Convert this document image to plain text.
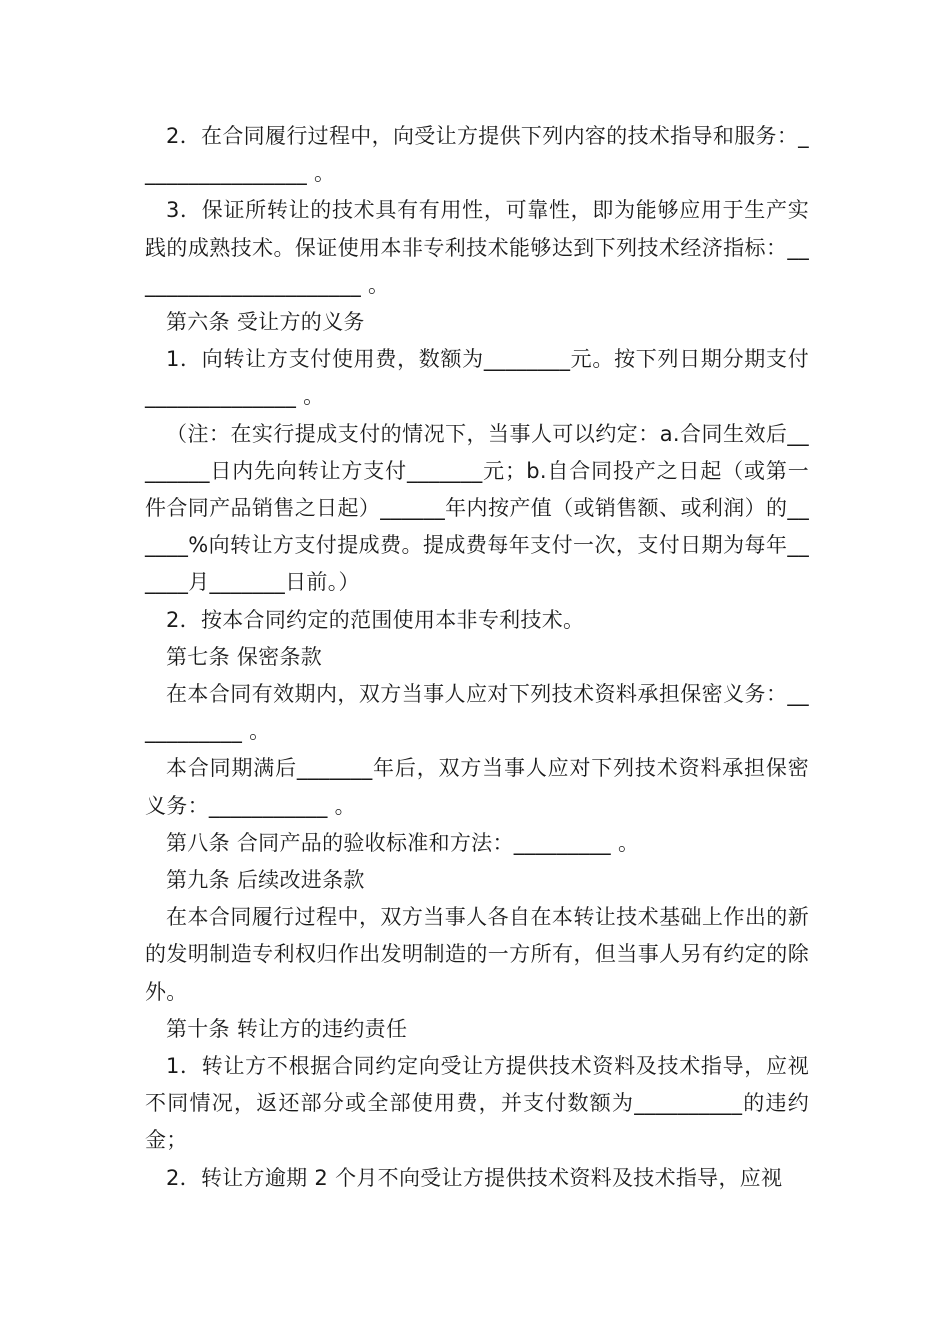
2．在合同履行过程中，向受让方提供下列内容的技术指导和服务：________________ 。

3．保证所转让的技术具有有用性，可靠性，即为能够应用于生产实践的成熟技术。保证使用本非专利技术能够达到下列技术经济指标：______________________ 。

第六条 受让方的义务

1．向转让方支付使用费，数额为________元。按下列日期分期支付______________ 。

（注：在实行提成支付的情况下，当事人可以约定：a.合同生效后________日内先向转让方支付_______元；b.自合同投产之日起（或第一件合同产品销售之日起）______年内按产值（或销售额、或利润）的______%向转让方支付提成费。提成费每年支付一次，支付日期为每年______月_______日前。）

2．按本合同约定的范围使用本非专利技术。

第七条 保密条款

在本合同有效期内，双方当事人应对下列技术资料承担保密义务：___________ 。

本合同期满后_______年后，双方当事人应对下列技术资料承担保密义务：___________ 。

第八条 合同产品的验收标准和方法：_________ 。

第九条 后续改进条款

在本合同履行过程中，双方当事人各自在本转让技术基础上作出的新的发明制造专利权归作出发明制造的一方所有，但当事人另有约定的除外。

第十条 转让方的违约责任

1．转让方不根据合同约定向受让方提供技术资料及技术指导，应视不同情况，返还部分或全部使用费，并支付数额为__________的违约金；

2．转让方逾期 2 个月不向受让方提供技术资料及技术指导，应视
